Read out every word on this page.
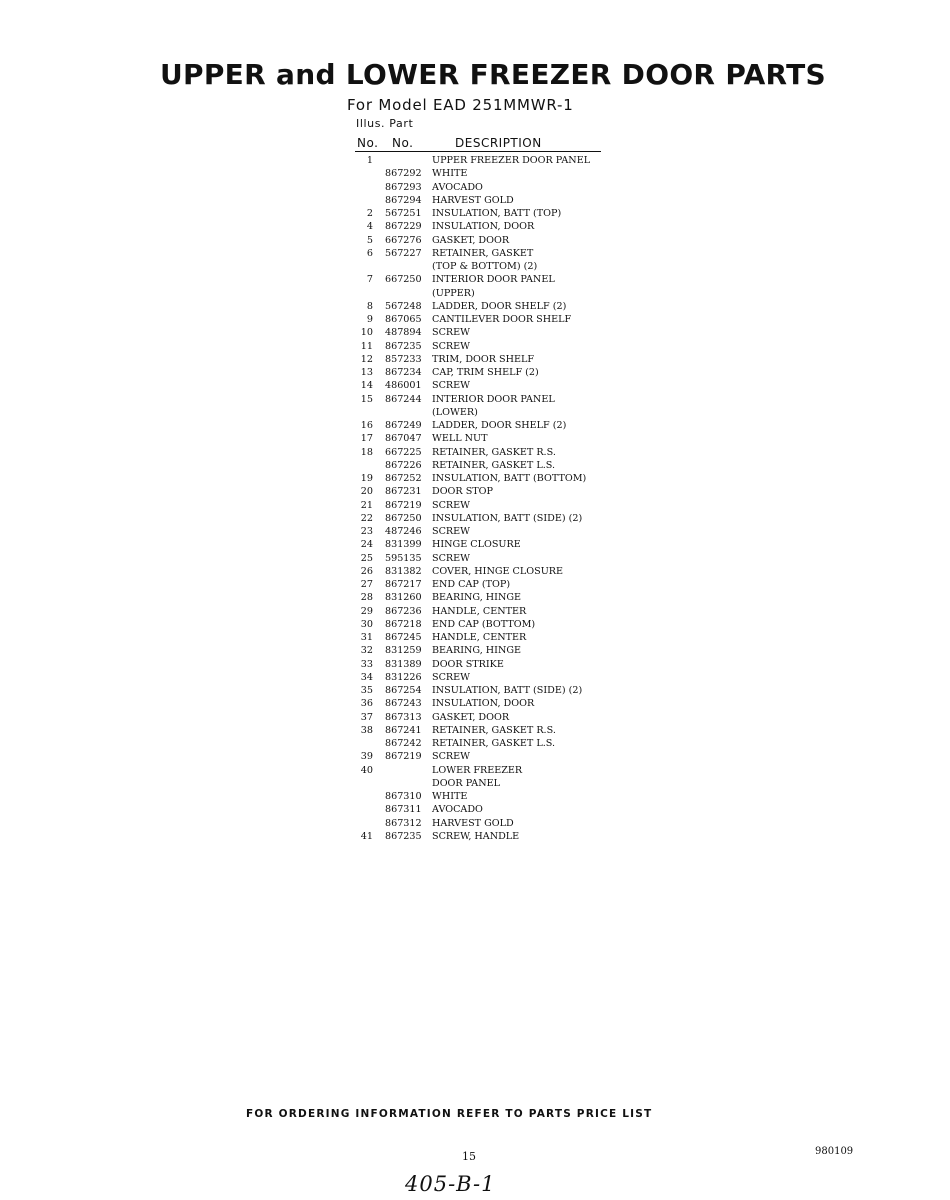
UPPER and LOWER FREEZER DOOR PARTS
For Model EAD 251MMWR-1
Illus. Part
No. No.	DESCRIPTION
1	UPPER FREEZER DOOR PANEL
867292 WHITE
867293 AVOCADO
867294 HARVEST GOLD
2 567251 INSULATION, BATT (TOP)
4 867229 INSULATION, DOOR
5 667276 GASKET, DOOR
6 567227 RETAINER, GASKET
(TOP & BOTTOM) (2)
7 667250 INTERIOR DOOR PANEL
(UPPER)
8 567248 LADDER, DOOR SHELF (2)
9 867065 CANTILEVER DOOR SHELF
10 487894 SCREW
11 867235 SCREW
12 857233 TRIM, DOOR SHELF
13 867234 CAP, TRIM SHELF (2)
14 486001 SCREW
15 867244 INTERIOR DOOR PANEL
(LOWER)
16 867249 LADDER, DOOR SHELF (2)
17 867047 WELL NUT
18 667225 RETAINER, GASKET R.S.
867226 RETAINER, GASKET L.S.
19 867252 INSULATION, BATT (BOTTOM)
20 867231 DOOR STOP
21 867219 SCREW
22 867250 INSULATION, BATT (SIDE) (2)
23 487246 SCREW
24 831399 HINGE CLOSURE
25 595135 SCREW
26 831382 COVER, HINGE CLOSURE
27 867217 END CAP (TOP)
28 831260 BEARING, HINGE
29 867236 HANDLE, CENTER
30 867218 END CAP (BOTTOM)
31 867245 HANDLE, CENTER
32 831259 BEARING, HINGE
33 831389 DOOR STRIKE
34 831226 SCREW
35 867254 INSULATION, BATT (SIDE) (2)
36 867243 INSULATION, DOOR
37 867313 GASKET, DOOR
38 867241 RETAINER, GASKET R.S.
867242 RETAINER, GASKET L.S.
39 867219 SCREW
40	LOWER FREEZER
DOOR PANEL
867310 WHITE
867311 AVOCADO
867312 HARVEST GOLD
41 867235 SCREW, HANDLE
FOR ORDERING INFORMATION REFER TO PARTS PRICE LIST
15	980109
405-B-1
